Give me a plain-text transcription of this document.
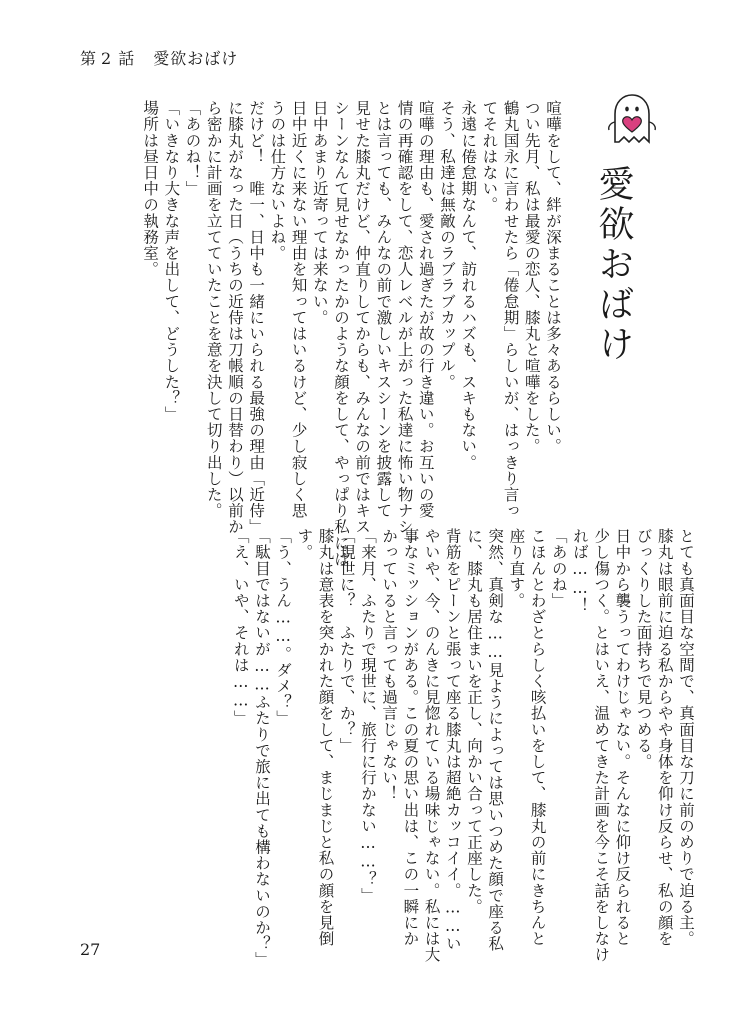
第 2 話 愛欲おばけ
愛欲おばけ
喧嘩をして、絆が深まることは多々あるらしい。
つい先月、私は最愛の恋人、膝丸と喧嘩をした。
鶴丸国永に言わせたら「倦怠期」らしいが、はっきり言っ
てそれはない。
永遠に倦怠期なんて、訪れるハズも、スキもない。
そう、私達は無敵のラブラブカップル。
喧嘩の理由も、愛され過ぎたが故の行き違い。お互いの愛
情の再確認をして、恋人レベルが上がった私達に怖い物ナシ。
とは言っても、みんなの前で激しいキスシーンを披露して
見せた膝丸だけど、仲直りしてからも、みんなの前ではキス
シーンなんて見せなかったかのような顔をして、やっぱり私には
日中あまり近寄っては来ない。
日中近くに来ない理由を知ってはいるけど、少し寂しく思
うのは仕方ないよね。
だけど！　唯一、日中も一緒にいられる最強の理由「近侍」
に膝丸がなった日（うちの近侍は刀帳順の日替わり）以前か
ら密かに計画を立てていたことを意を決して切り出した。
「あのね！」
「いきなり大きな声を出して、どうした？」
場所は昼日中の執務室。
とても真面目な空間で、真面目な刀に前のめりで迫る主。
膝丸は眼前に迫る私からやや身体を仰け反らせ、私の顔を
びっくりした面持ちで見つめる。
日中から襲うってわけじゃない。そんなに仰け反られると
少し傷つく。とはいえ、温めてきた計画を今こそ話をしなけ
れば……！
「あのね」
こほんとわざとらしく咳払いをして、膝丸の前にきちんと
座り直す。
突然、真剣な……見ようによっては思いつめた顔で座る私
に、膝丸も居住まいを正し、向かい合って正座した。
背筋をピーンと張って座る膝丸は超絶カッコイイ。……い
やいや、今、のんきに見惚れている場味じゃない。私には大
事なミッションがある。この夏の思い出は、この一瞬にか
かっていると言っても過言じゃない！
「来月、ふたりで現世に、旅行に行かない……？」
「現世に？　ふたりで、か？」
膝丸は意表を突かれた顔をして、まじまじと私の顔を見倒
す。
「う、うん……。ダメ？」
「駄目ではないが……ふたりで旅に出ても構わないのか？」
「え、いや、それは……」
27
